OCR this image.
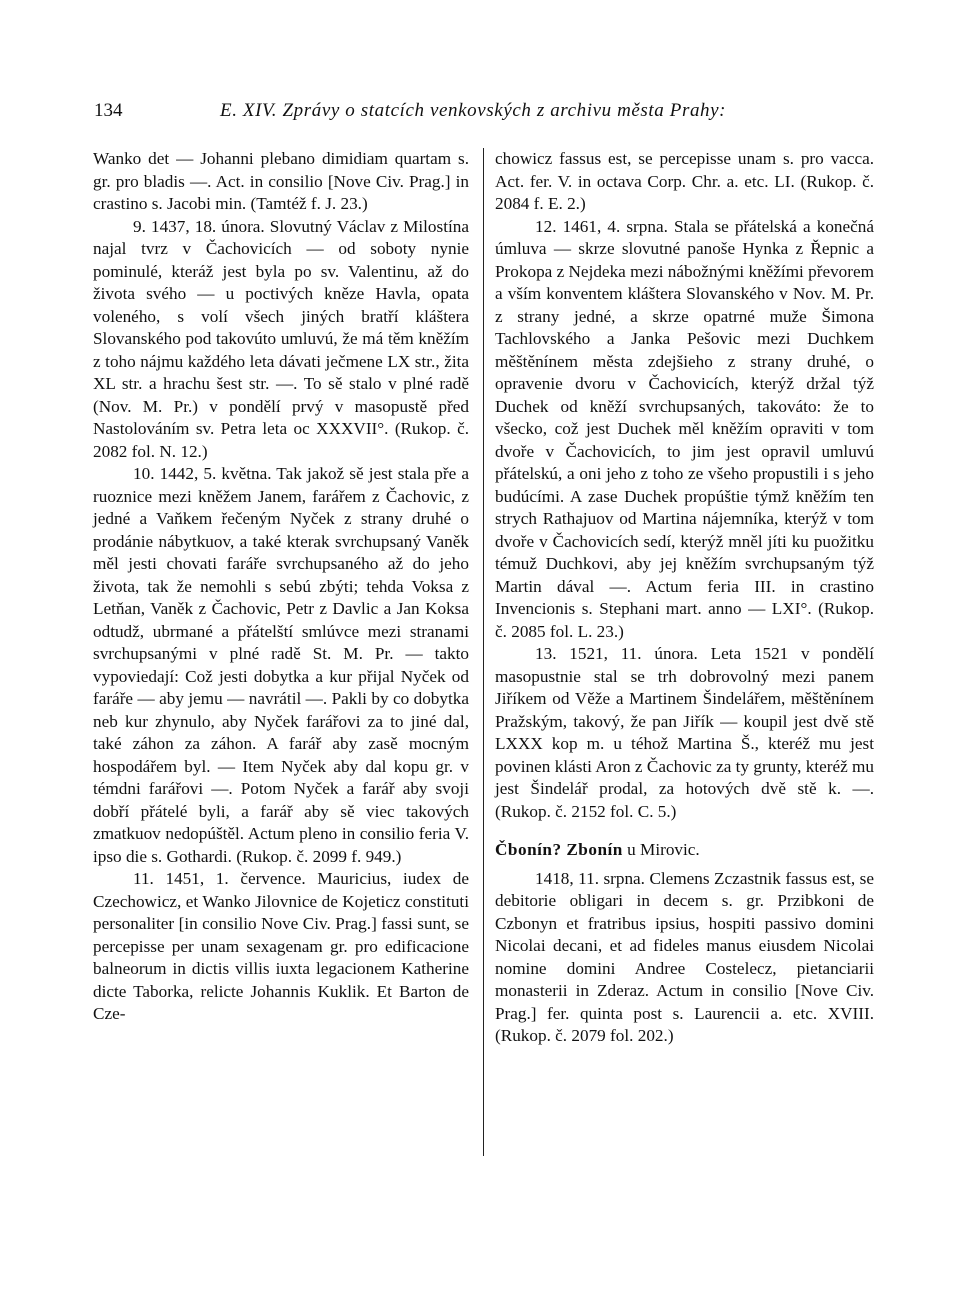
134	E. XIV. Zprávy o statcích venkovských z archivu města Prahy:

Wanko det — Johanni plebano dimidiam quartam s. gr. pro bladis —. Act. in consilio [Nove Civ. Prag.] in crastino s. Jacobi min. (Tamtéž f. J. 23.)

9. 1437, 18. února. Slovutný Václav z Milostína najal tvrz v Čachovicích — od soboty nynie pominulé, kteráž jest byla po sv. Valentinu, až do života svého — u poctivých kněze Havla, opata voleného, s volí všech jiných bratří kláštera Slovanského pod takovúto umluvú, že má těm kněžím z toho nájmu každého leta dávati ječmene LX str., žita XL str. a hrachu šest str. —. To sě stalo v plné radě (Nov. M. Pr.) v pondělí prvý v masopustě před Nastolováním sv. Petra leta oc XXXVII°. (Rukop. č. 2082 fol. N. 12.)

10. 1442, 5. května. Tak jakož sě jest stala pře a ruoznice mezi kněžem Janem, farářem z Čachovic, z jedné a Vaňkem řečeným Nyček z strany druhé o prodánie nábytkuov, a také kterak svrchupsaný Vaněk měl jesti chovati faráře svrchupsaného až do jeho života, tak že nemohli s sebú zbýti; tehda Voksa z Letňan, Vaněk z Čachovic, Petr z Davlic a Jan Koksa odtudž, ubrmané a přátelští smlúvce mezi stranami svrchupsanými v plné radě St. M. Pr. — takto vypoviedají: Což jesti dobytka a kur přijal Nyček od faráře — aby jemu — navrátil —. Pakli by co dobytka neb kur zhynulo, aby Nyček farářovi za to jiné dal, také záhon za záhon. A farář aby zasě mocným hospodářem byl. — Item Nyček aby dal kopu gr. v témdni farářovi —. Potom Nyček a farář aby svoji dobří přátelé byli, a farář aby sě viec takových zmatkuov nedopúštěl. Actum pleno in consilio feria V. ipso die s. Gothardi. (Rukop. č. 2099 f. 949.)

11. 1451, 1. července. Mauricius, iudex de Czechowicz, et Wanko Jilovnice de Kojeticz constituti personaliter [in consilio Nove Civ. Prag.] fassi sunt, se percepisse per unam sexagenam gr. pro edificacione balneorum in dictis villis iuxta legacionem Katherine dicte Taborka, relicte Johannis Kuklik. Et Barton de Cze-

chowicz fassus est, se percepisse unam s. pro vacca. Act. fer. V. in octava Corp. Chr. a. etc. LI. (Rukop. č. 2084 f. E. 2.)

12. 1461, 4. srpna. Stala se přátelská a konečná úmluva — skrze slovutné panoše Hynka z Řepnic a Prokopa z Nejdeka mezi nábožnými kněžími převorem a vším konventem kláštera Slovanského v Nov. M. Pr. z strany jedné, a skrze opatrné muže Šimona Tachlovského a Janka Pešovic mezi Duchkem měštěnínem města zdejšieho z strany druhé, o opravenie dvoru v Čachovicích, kterýž držal týž Duchek od kněží svrchupsaných, takováto: že to všecko, což jest Duchek měl kněžím opraviti v tom dvoře v Čachovicích, to jim jest opravil umluvú přátelskú, a oni jeho z toho ze všeho propustili i s jeho budúcími. A zase Duchek propúštie týmž kněžím ten strych Rathajuov od Martina nájemníka, kterýž v tom dvoře v Čachovicích sedí, kterýž mněl jíti ku puožitku témuž Duchkovi, aby jej kněžím svrchupsaným týž Martin dával —. Actum feria III. in crastino Invencionis s. Stephani mart. anno — LXI°. (Rukop. č. 2085 fol. L. 23.)

13. 1521, 11. února. Leta 1521 v pondělí masopustnie stal se trh dobrovolný mezi panem Jiříkem od Věže a Martinem Šindelářem, měštěnínem Pražským, takový, že pan Jiřík — koupil jest dvě stě LXXX kop m. u téhož Martina Š., kteréž mu jest povinen klásti Aron z Čachovic za ty grunty, kteréž mu jest Šindelář prodal, za hotových dvě stě k. —. (Rukop. č. 2152 fol. C. 5.)

Čbonín? Zbonín u Mirovic.

1418, 11. srpna. Clemens Zczastnik fassus est, se debitorie obligari in decem s. gr. Przibkoni de Czbonyn et fratribus ipsius, hospiti passivo domini Nicolai decani, et ad fideles manus eiusdem Nicolai nomine domini Andree Costelecz, pietanciarii monasterii in Zderaz. Actum in consilio [Nove Civ. Prag.] fer. quinta post s. Laurencii a. etc. XVIII. (Rukop. č. 2079 fol. 202.)
